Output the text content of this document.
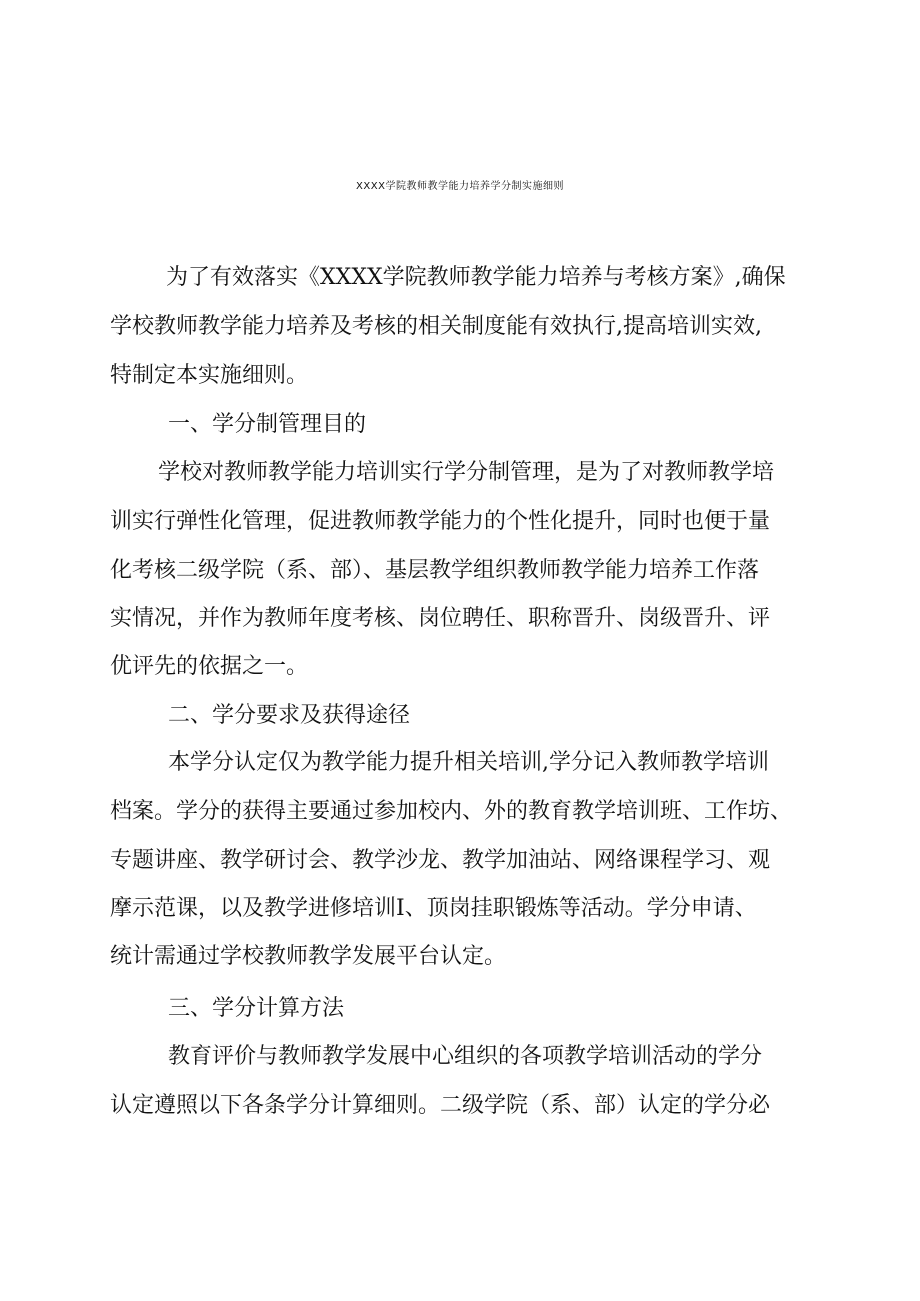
XXXX学院教师教学能力培养学分制实施细则

为了有效落实《XXXX学院教师教学能力培养与考核方案》,确保

学校教师教学能力培养及考核的相关制度能有效执行,提高培训实效,

特制定本实施细则。

一、学分制管理目的

学校对教师教学能力培训实行学分制管理，是为了对教师教学培

训实行弹性化管理，促进教师教学能力的个性化提升，同时也便于量

化考核二级学院（系、部）、基层教学组织教师教学能力培养工作落

实情况，并作为教师年度考核、岗位聘任、职称晋升、岗级晋升、评

优评先的依据之一。

二、学分要求及获得途径

本学分认定仅为教学能力提升相关培训,学分记入教师教学培训

档案。学分的获得主要通过参加校内、外的教育教学培训班、工作坊、

专题讲座、教学研讨会、教学沙龙、教学加油站、网络课程学习、观

摩示范课，以及教学进修培训I、顶岗挂职锻炼等活动。学分申请、

统计需通过学校教师教学发展平台认定。

三、学分计算方法

教育评价与教师教学发展中心组织的各项教学培训活动的学分

认定遵照以下各条学分计算细则。二级学院（系、部）认定的学分必
